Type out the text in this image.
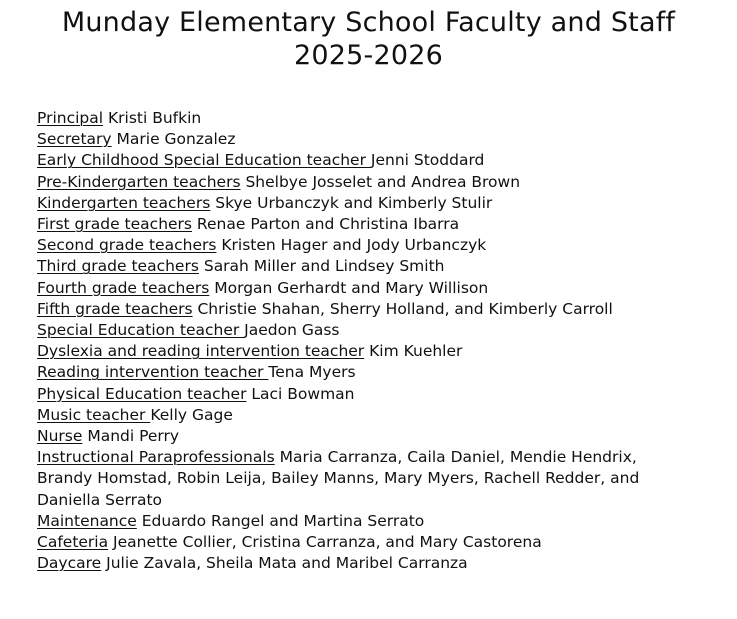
Munday Elementary School Faculty and Staff
2025-2026
Principal Kristi Bufkin
Secretary Marie Gonzalez
Early Childhood Special Education teacher Jenni Stoddard
Pre-Kindergarten teachers Shelbye Josselet and Andrea Brown
Kindergarten teachers Skye Urbanczyk and Kimberly Stulir
First grade teachers Renae Parton and Christina Ibarra
Second grade teachers Kristen Hager and Jody Urbanczyk
Third grade teachers Sarah Miller and Lindsey Smith
Fourth grade teachers Morgan Gerhardt and Mary Willison
Fifth grade teachers Christie Shahan, Sherry Holland, and Kimberly Carroll
Special Education teacher Jaedon Gass
Dyslexia and reading intervention teacher Kim Kuehler
Reading intervention teacher Tena Myers
Physical Education teacher Laci Bowman
Music teacher Kelly Gage
Nurse Mandi Perry
Instructional Paraprofessionals Maria Carranza, Caila Daniel, Mendie Hendrix, Brandy Homstad, Robin Leija, Bailey Manns, Mary Myers, Rachell Redder, and Daniella Serrato
Maintenance Eduardo Rangel and Martina Serrato
Cafeteria Jeanette Collier, Cristina Carranza, and Mary Castorena
Daycare Julie Zavala, Sheila Mata and Maribel Carranza
